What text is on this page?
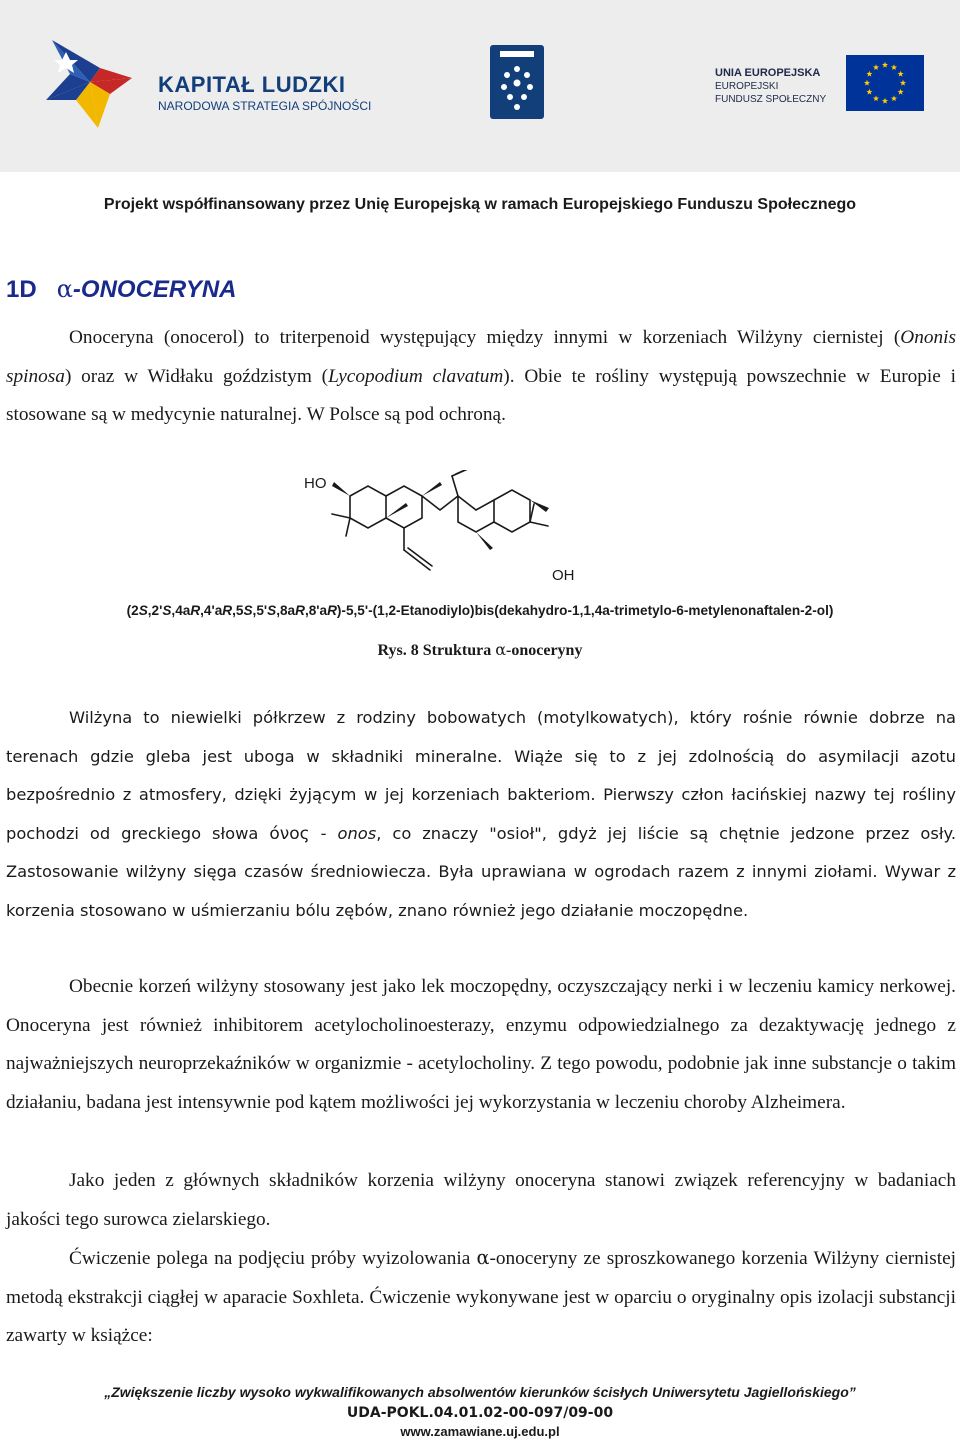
KAPITAŁ LUDZKI
NARODOWA STRATEGIA SPÓJNOŚCI
UNIA EUROPEJSKA
EUROPEJSKI
FUNDUSZ SPOŁECZNY
Projekt współfinansowany przez Unię Europejską w ramach Europejskiego Funduszu Społecznego
1D α-ONOCERYNA

Onoceryna (onocerol) to triterpenoid występujący między innymi w korzeniach Wilżyny ciernistej (Ononis spinosa) oraz w Widłaku goździstym (Lycopodium clavatum). Obie te rośliny występują powszechnie w Europie i stosowane są w medycynie naturalnej. W Polsce są pod ochroną.

HO
OH
(2S,2'S,4aR,4'aR,5S,5'S,8aR,8'aR)-5,5'-(1,2-Etanodiylo)bis(dekahydro-1,1,4a-trimetylo-6-metylenonaftalen-2-ol)
Rys. 8 Struktura α-onoceryny

Wilżyna to niewielki półkrzew z rodziny bobowatych (motylkowatych), który rośnie równie dobrze na terenach gdzie gleba jest uboga w składniki mineralne. Wiąże się to z jej zdolnością do asymilacji azotu bezpośrednio z atmosfery, dzięki żyjącym w jej korzeniach bakteriom. Pierwszy człon łacińskiej nazwy tej rośliny pochodzi od greckiego słowa όνος - onos, co znaczy "osioł", gdyż jej liście są chętnie jedzone przez osły. Zastosowanie wilżyny sięga czasów średniowiecza. Była uprawiana w ogrodach razem z innymi ziołami. Wywar z korzenia stosowano w uśmierzaniu bólu zębów, znano również jego działanie moczopędne.

Obecnie korzeń wilżyny stosowany jest jako lek moczopędny, oczyszczający nerki i w leczeniu kamicy nerkowej. Onoceryna jest również inhibitorem acetylocholinoesterazy, enzymu odpowiedzialnego za dezaktywację jednego z najważniejszych neuroprzekaźników w organizmie - acetylocholiny. Z tego powodu, podobnie jak inne substancje o takim działaniu, badana jest intensywnie pod kątem możliwości jej wykorzystania w leczeniu choroby Alzheimera.

Jako jeden z głównych składników korzenia wilżyny onoceryna stanowi związek referencyjny w badaniach jakości tego surowca zielarskiego.

Ćwiczenie polega na podjęciu próby wyizolowania α-onoceryny ze sproszkowanego korzenia Wilżyny ciernistej metodą ekstrakcji ciągłej w aparacie Soxhleta. Ćwiczenie wykonywane jest w oparciu o oryginalny opis izolacji substancji zawarty w książce:

„Zwiększenie liczby wysoko wykwalifikowanych absolwentów kierunków ścisłych Uniwersytetu Jagiellońskiego”
UDA-POKL.04.01.02-00-097/09-00
www.zamawiane.uj.edu.pl
